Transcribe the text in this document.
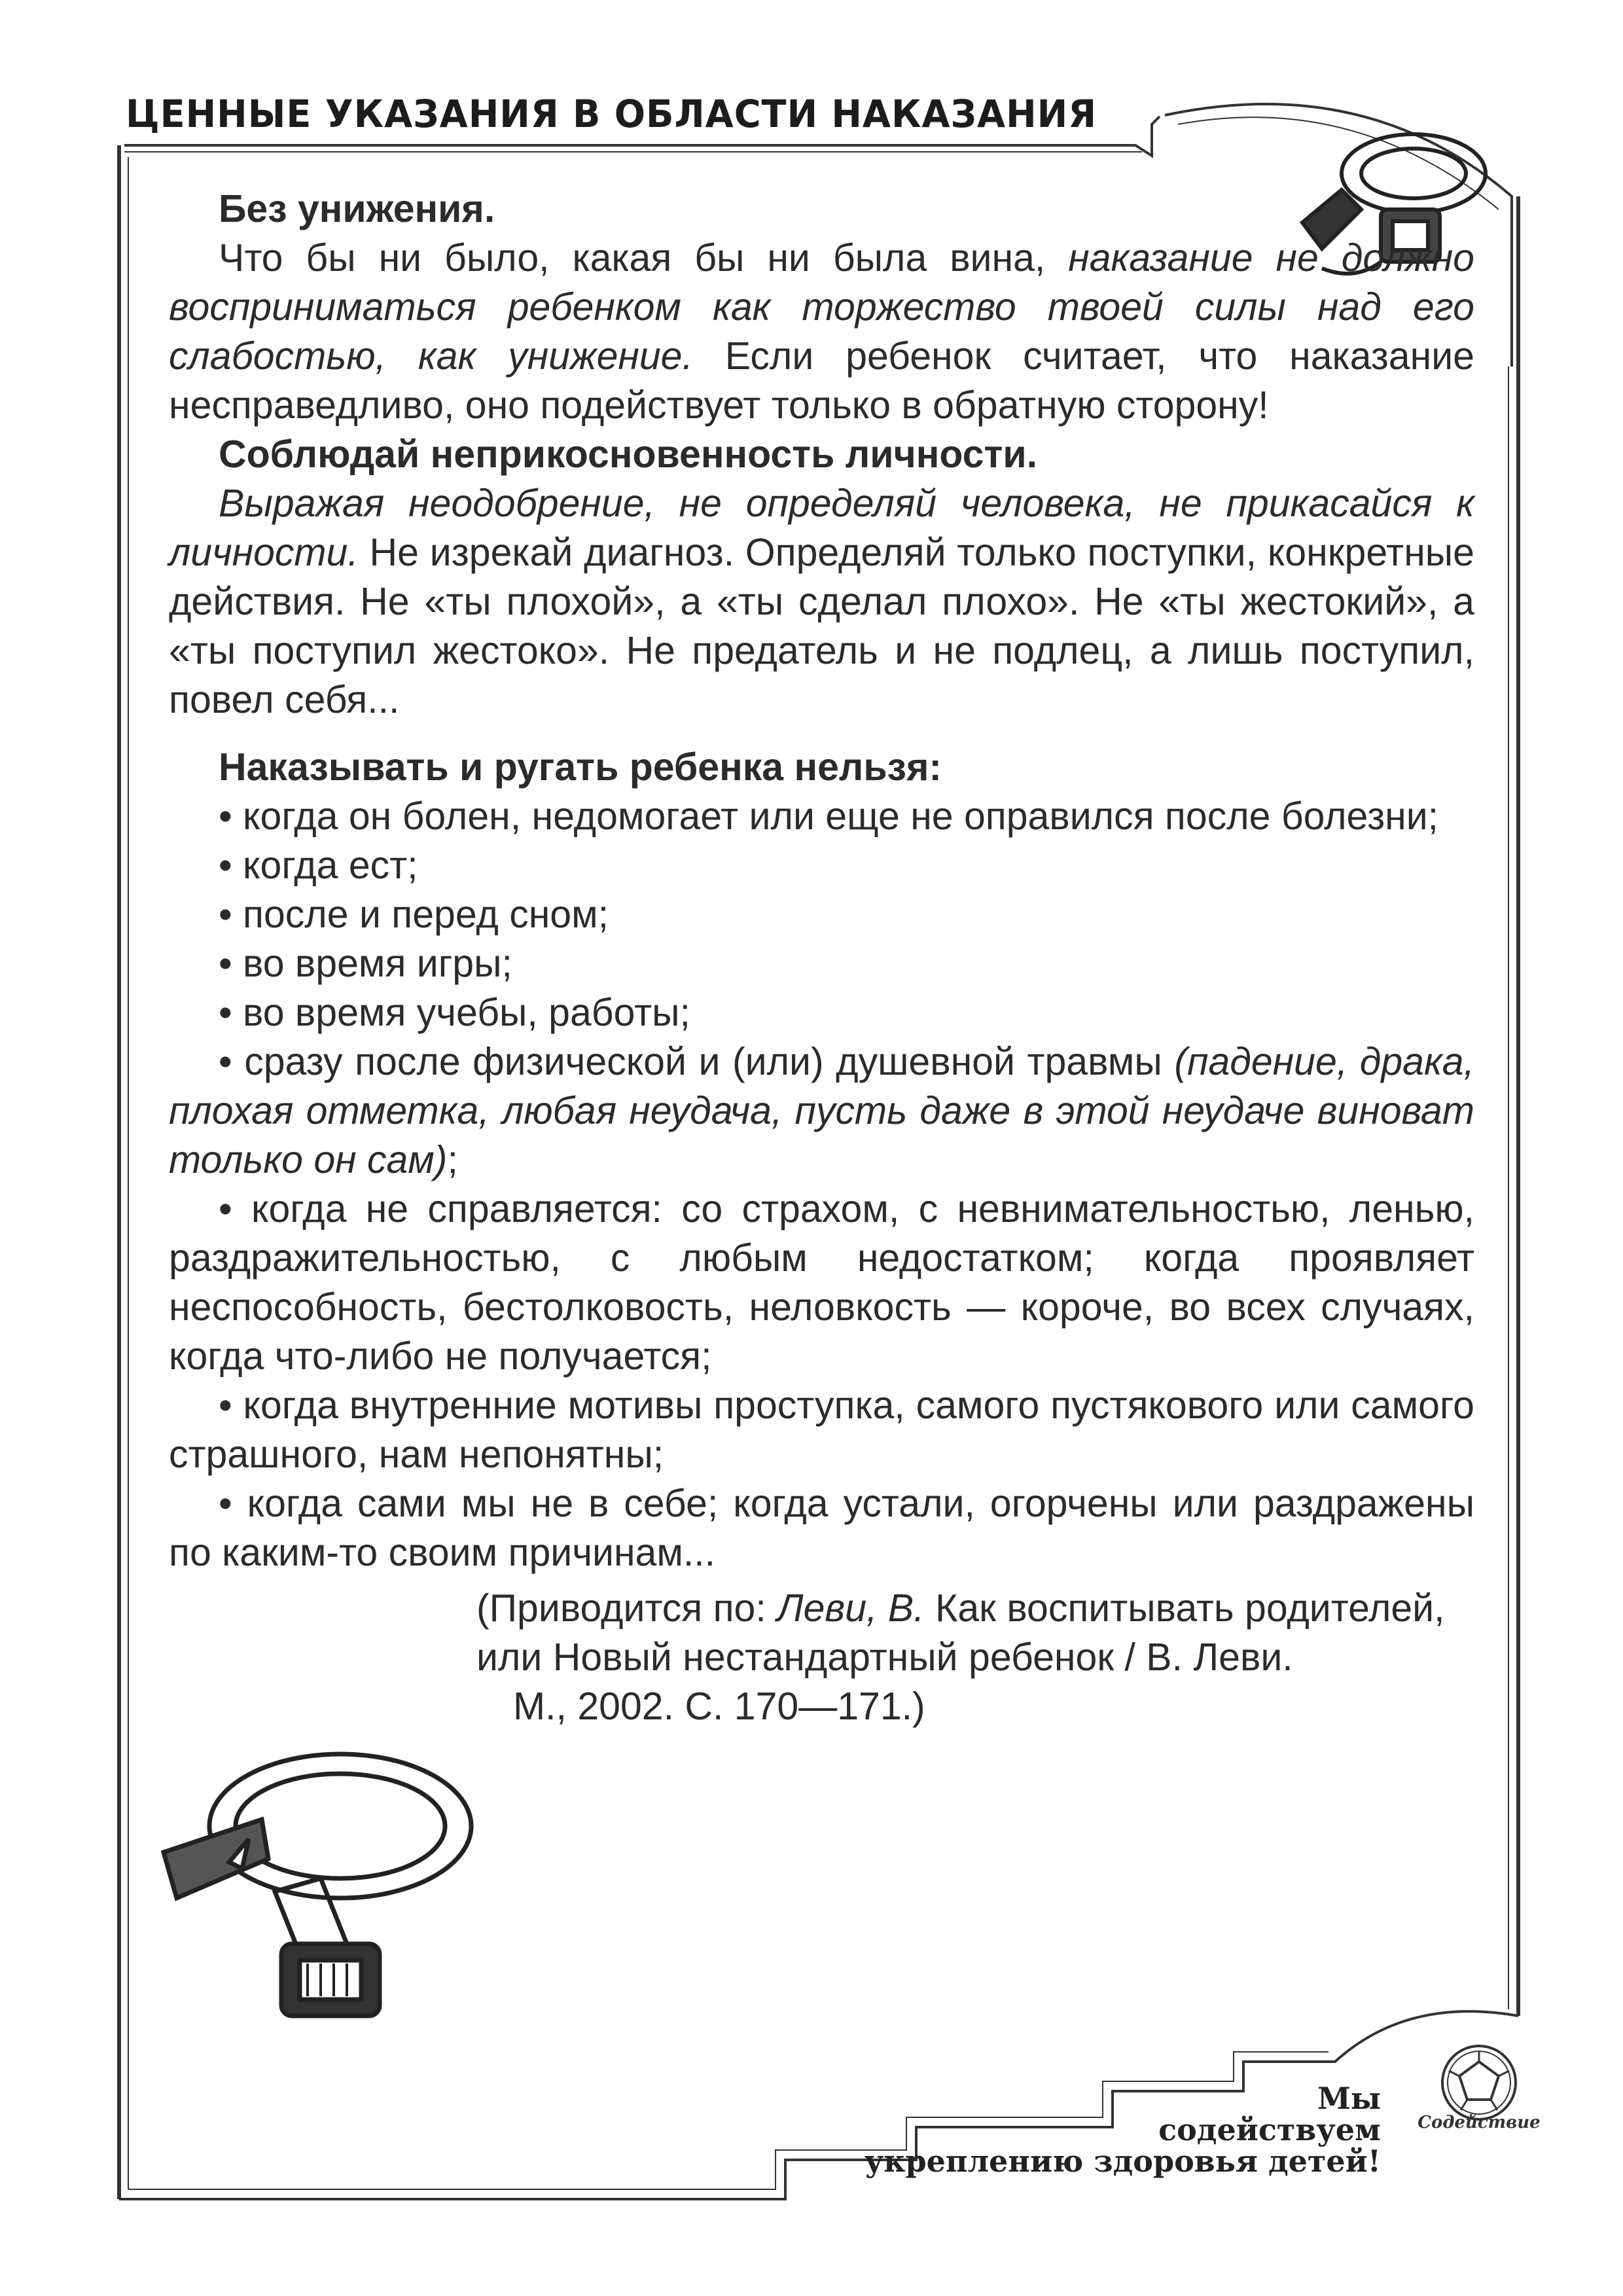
ЦЕННЫЕ УКАЗАНИЯ В ОБЛАСТИ НАКАЗАНИЯ

Без унижения.

Что бы ни было, какая бы ни была вина, наказание не должно восприниматься ребенком как торжество твоей силы над его слабостью, как унижение. Если ребенок считает, что наказание несправедливо, оно подействует только в обратную сторону!

Соблюдай неприкосновенность личности.

Выражая неодобрение, не определяй человека, не прикасайся к личности. Не изрекай диагноз. Определяй только поступки, конкретные действия. Не «ты плохой», а «ты сделал плохо». Не «ты жестокий», а «ты поступил жестоко». Не предатель и не подлец, а лишь поступил, повел себя...

Наказывать и ругать ребенка нельзя:

• когда он болен, недомогает или еще не оправился после болезни;

• когда ест;

• после и перед сном;

• во время игры;

• во время учебы, работы;

• сразу после физической и (или) душевной травмы (падение, драка, плохая отметка, любая неудача, пусть даже в этой неудаче виноват только он сам);

• когда не справляется: со страхом, с невнимательностью, ленью, раздражительностью, с любым недостатком; когда проявляет неспособность, бестолковость, неловкость — короче, во всех случаях, когда что-либо не получается;

• когда внутренние мотивы проступка, самого пустякового или самого страшного, нам непонятны;

• когда сами мы не в себе; когда устали, огорчены или раздражены по каким-то своим причинам...

(Приводится по: Леви, В. Как воспитывать родителей, или Новый нестандартный ребенок / В. Леви.
М., 2002. С. 170—171.)

Мы
содействуем
укреплению здоровья детей!
Содействие
